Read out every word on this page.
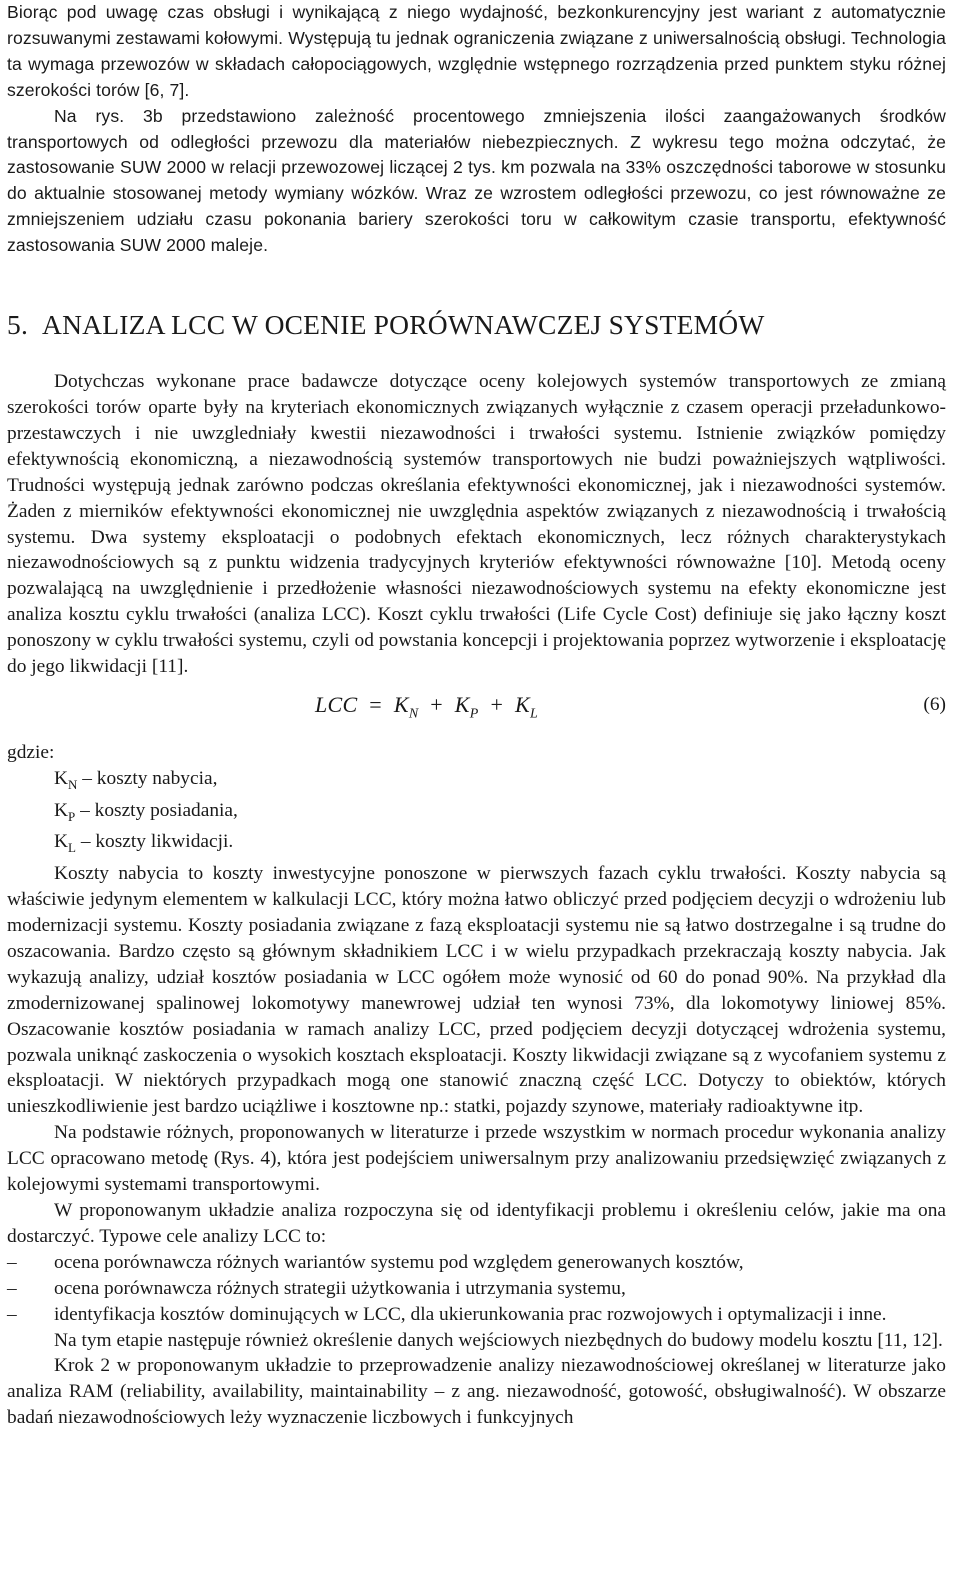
Biorąc pod uwagę czas obsługi i wynikającą z niego wydajność, bezkonkurencyjny jest wariant z automatycznie rozsuwanymi zestawami kołowymi. Występują tu jednak ograniczenia związane z uniwersalnością obsługi. Technologia ta wymaga przewozów w składach całopociągowych, względnie wstępnego rozrządzenia przed punktem styku różnej szerokości torów [6, 7].

Na rys. 3b przedstawiono zależność procentowego zmniejszenia ilości zaangażowanych środków transportowych od odległości przewozu dla materiałów niebezpiecznych. Z wykresu tego można odczytać, że zastosowanie SUW 2000 w relacji przewozowej liczącej 2 tys. km pozwala na 33% oszczędności taborowe w stosunku do aktualnie stosowanej metody wymiany wózków. Wraz ze wzrostem odległości przewozu, co jest równoważne ze zmniejszeniem udziału czasu pokonania bariery szerokości toru w całkowitym czasie transportu, efektywność zastosowania SUW 2000 maleje.

5. ANALIZA LCC W OCENIE PORÓWNAWCZEJ SYSTEMÓW

Dotychczas wykonane prace badawcze dotyczące oceny kolejowych systemów transportowych ze zmianą szerokości torów oparte były na kryteriach ekonomicznych związanych wyłącznie z czasem operacji przeładunkowo-przestawczych i nie uwzgledniały kwestii niezawodności i trwałości systemu. Istnienie związków pomiędzy efektywnością ekonomiczną, a niezawodnością systemów transportowych nie budzi poważniejszych wątpliwości. Trudności występują jednak zarówno podczas określania efektywności ekonomicznej, jak i niezawodności systemów. Żaden z mierników efektywności ekonomicznej nie uwzględnia aspektów związanych z niezawodnością i trwałością systemu. Dwa systemy eksploatacji o podobnych efektach ekonomicznych, lecz różnych charakterystykach niezawodnościowych są z punktu widzenia tradycyjnych kryteriów efektywności równoważne [10]. Metodą oceny pozwalającą na uwzględnienie i przedłożenie własności niezawodnościowych systemu na efekty ekonomiczne jest analiza kosztu cyklu trwałości (analiza LCC). Koszt cyklu trwałości (Life Cycle Cost) definiuje się jako łączny koszt ponoszony w cyklu trwałości systemu, czyli od powstania koncepcji i projektowania poprzez wytworzenie i eksploatację do jego likwidacji [11].

LCC = $K_N + K_P + K_L$	(6)

gdzie:

$K_N$ – koszty nabycia,

$K_P$ – koszty posiadania,

$K_L$ – koszty likwidacji.

Koszty nabycia to koszty inwestycyjne ponoszone w pierwszych fazach cyklu trwałości. Koszty nabycia są właściwie jedynym elementem w kalkulacji LCC, który można łatwo obliczyć przed podjęciem decyzji o wdrożeniu lub modernizacji systemu. Koszty posiadania związane z fazą eksploatacji systemu nie są łatwo dostrzegalne i są trudne do oszacowania. Bardzo często są głównym składnikiem LCC i w wielu przypadkach przekraczają koszty nabycia. Jak wykazują analizy, udział kosztów posiadania w LCC ogółem może wynosić od 60 do ponad 90%. Na przykład dla zmodernizowanej spalinowej lokomotywy manewrowej udział ten wynosi 73%, dla lokomotywy liniowej 85%. Oszacowanie kosztów posiadania w ramach analizy LCC, przed podjęciem decyzji dotyczącej wdrożenia systemu, pozwala uniknąć zaskoczenia o wysokich kosztach eksploatacji. Koszty likwidacji związane są z wycofaniem systemu z eksploatacji. W niektórych przypadkach mogą one stanowić znaczną część LCC. Dotyczy to obiektów, których unieszkodliwienie jest bardzo uciążliwe i kosztowne np.: statki, pojazdy szynowe, materiały radioaktywne itp.

Na podstawie różnych, proponowanych w literaturze i przede wszystkim w normach procedur wykonania analizy LCC opracowano metodę (Rys. 4), która jest podejściem uniwersalnym przy analizowaniu przedsięwzięć związanych z kolejowymi systemami transportowymi.

W proponowanym układzie analiza rozpoczyna się od identyfikacji problemu i określeniu celów, jakie ma ona dostarczyć. Typowe cele analizy LCC to:

– ocena porównawcza różnych wariantów systemu pod względem generowanych kosztów,
– ocena porównawcza różnych strategii użytkowania i utrzymania systemu,
– identyfikacja kosztów dominujących w LCC, dla ukierunkowania prac rozwojowych i optymalizacji i inne.

Na tym etapie następuje również określenie danych wejściowych niezbędnych do budowy modelu kosztu [11, 12].

Krok 2 w proponowanym układzie to przeprowadzenie analizy niezawodnościowej określanej w literaturze jako analiza RAM (reliability, availability, maintainability – z ang. niezawodność, gotowość, obsługiwalność). W obszarze badań niezawodnościowych leży wyznaczenie liczbowych i funkcyjnych
